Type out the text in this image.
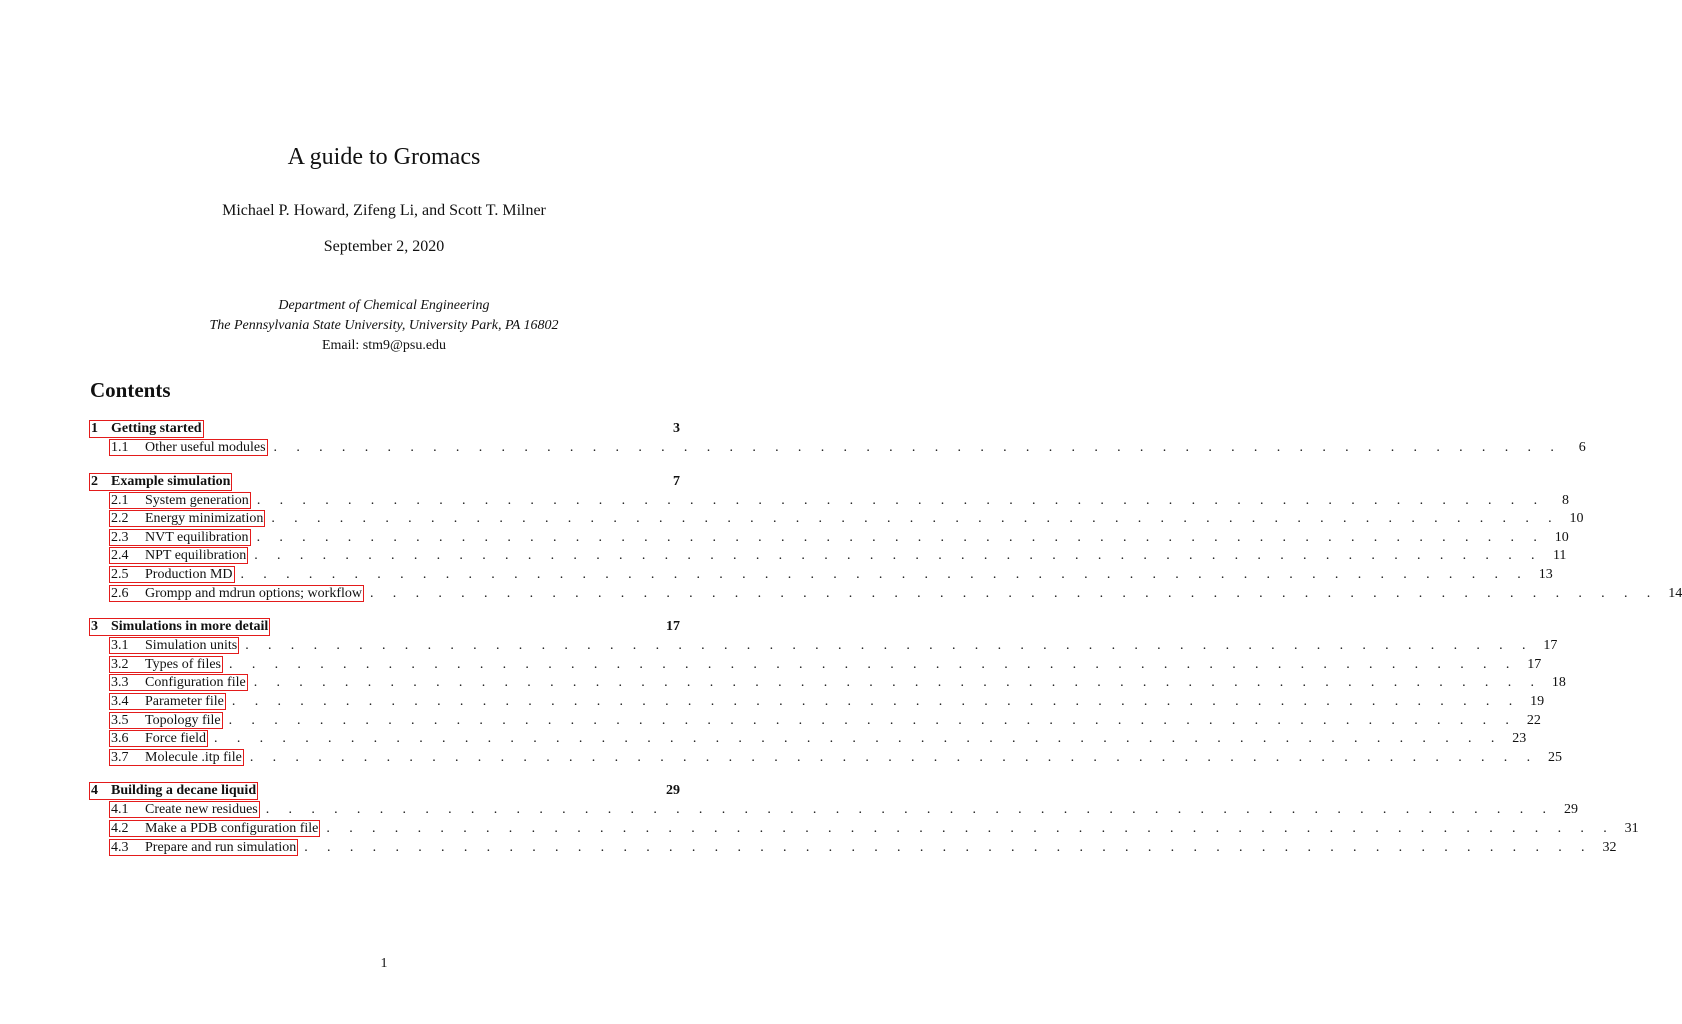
A guide to Gromacs
Michael P. Howard, Zifeng Li, and Scott T. Milner
September 2, 2020
Department of Chemical Engineering
The Pennsylvania State University, University Park, PA 16802
Email: stm9@psu.edu
Contents
1 Getting started	3
1.1	Other useful modules . . . . . . . . . . . . . . . . . . . . . . . . . . . . . . . . . . . . . . . . . . . . . . . . . . . . . . . . .	6
2 Example simulation	7
2.1	System generation . . . . . . . . . . . . . . . . . . . . . . . . . . . . . . . . . . . . . . . . . . . . . . . . . . . . . . . . .	8
2.2	Energy minimization . . . . . . . . . . . . . . . . . . . . . . . . . . . . . . . . . . . . . . . . . . . . . . . . . . . . . . . . . 10
2.3	NVT equilibration . . . . . . . . . . . . . . . . . . . . . . . . . . . . . . . . . . . . . . . . . . . . . . . . . . . . . . . . . 10
2.4	NPT equilibration . . . . . . . . . . . . . . . . . . . . . . . . . . . . . . . . . . . . . . . . . . . . . . . . . . . . . . . . . 11
2.5	Production MD . . . . . . . . . . . . . . . . . . . . . . . . . . . . . . . . . . . . . . . . . . . . . . . . . . . . . . . . . 13
2.6	Grompp and mdrun options; workflow . . . . . . . . . . . . . . . . . . . . . . . . . . . . . . . . . . . . . . . . . . . . . . . . . . . . . . . . . 14
3 Simulations in more detail	17
3.1	Simulation units . . . . . . . . . . . . . . . . . . . . . . . . . . . . . . . . . . . . . . . . . . . . . . . . . . . . . . . . . 17
3.2	Types of files . . . . . . . . . . . . . . . . . . . . . . . . . . . . . . . . . . . . . . . . . . . . . . . . . . . . . . . . . 17
3.3	Configuration file . . . . . . . . . . . . . . . . . . . . . . . . . . . . . . . . . . . . . . . . . . . . . . . . . . . . . . . . . 18
3.4	Parameter file . . . . . . . . . . . . . . . . . . . . . . . . . . . . . . . . . . . . . . . . . . . . . . . . . . . . . . . . . 19
3.5	Topology file . . . . . . . . . . . . . . . . . . . . . . . . . . . . . . . . . . . . . . . . . . . . . . . . . . . . . . . . . 22
3.6	Force field . . . . . . . . . . . . . . . . . . . . . . . . . . . . . . . . . . . . . . . . . . . . . . . . . . . . . . . . . 23
3.7	Molecule .itp file . . . . . . . . . . . . . . . . . . . . . . . . . . . . . . . . . . . . . . . . . . . . . . . . . . . . . . . . . 25
4 Building a decane liquid	29
4.1	Create new residues . . . . . . . . . . . . . . . . . . . . . . . . . . . . . . . . . . . . . . . . . . . . . . . . . . . . . . . . . 29
4.2	Make a PDB configuration file . . . . . . . . . . . . . . . . . . . . . . . . . . . . . . . . . . . . . . . . . . . . . . . . . . . . . . . . . 31
4.3	Prepare and run simulation . . . . . . . . . . . . . . . . . . . . . . . . . . . . . . . . . . . . . . . . . . . . . . . . . . . . . . . . . 32
1
